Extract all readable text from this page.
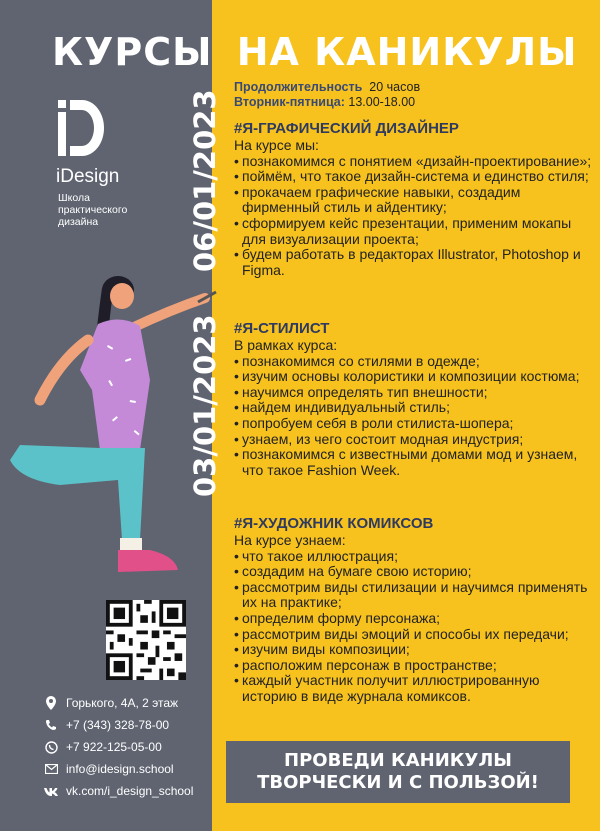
КУРСЫ НА КАНИКУЛЫ
iDesign
Школа практического дизайна	06/01/2023
03/01/2023
Продолжительность 20 часов
Вторник-пятница: 13.00-18.00
#Я-ГРАФИЧЕСКИЙ ДИЗАЙНЕР
На курсе мы:
• познакомимся с понятием «дизайн-проектирование»;
• поймём, что такое дизайн-система и единство стиля;
• прокачаем графические навыки, создадим фирменный стиль и айдентику;
• сформируем кейс презентации, применим мокапы для визуализации проекта;
• будем работать в редакторах Illustrator, Photoshop и Figma.
#Я-СТИЛИСТ
В рамках курса:
• познакомимся со стилями в одежде;
• изучим основы колористики и композиции костюма;
• научимся определять тип внешности;
• найдем индивидуальный стиль;
• попробуем себя в роли стилиста-шопера;
• узнаем, из чего состоит модная индустрия;
• познакомимся с известными домами мод и узнаем, что такое Fashion Week.
#Я-ХУДОЖНИК КОМИКСОВ
На курсе узнаем:
• что такое иллюстрация;
• создадим на бумаге свою историю;
• рассмотрим виды стилизации и научимся применять их на практике;
• определим форму персонажа;
• рассмотрим виды эмоций и способы их передачи;
• изучим виды композиции;
• расположим персонаж в пространстве;
• каждый участник получит иллюстрированную историю в виде журнала комиксов.
Горького, 4А, 2 этаж
+7 (343) 328-78-00
+7 922-125-05-00
info@idesign.school
vk.com/i_design_school
ПРОВЕДИ КАНИКУЛЫ
ТВОРЧЕСКИ И С ПОЛЬЗОЙ!
